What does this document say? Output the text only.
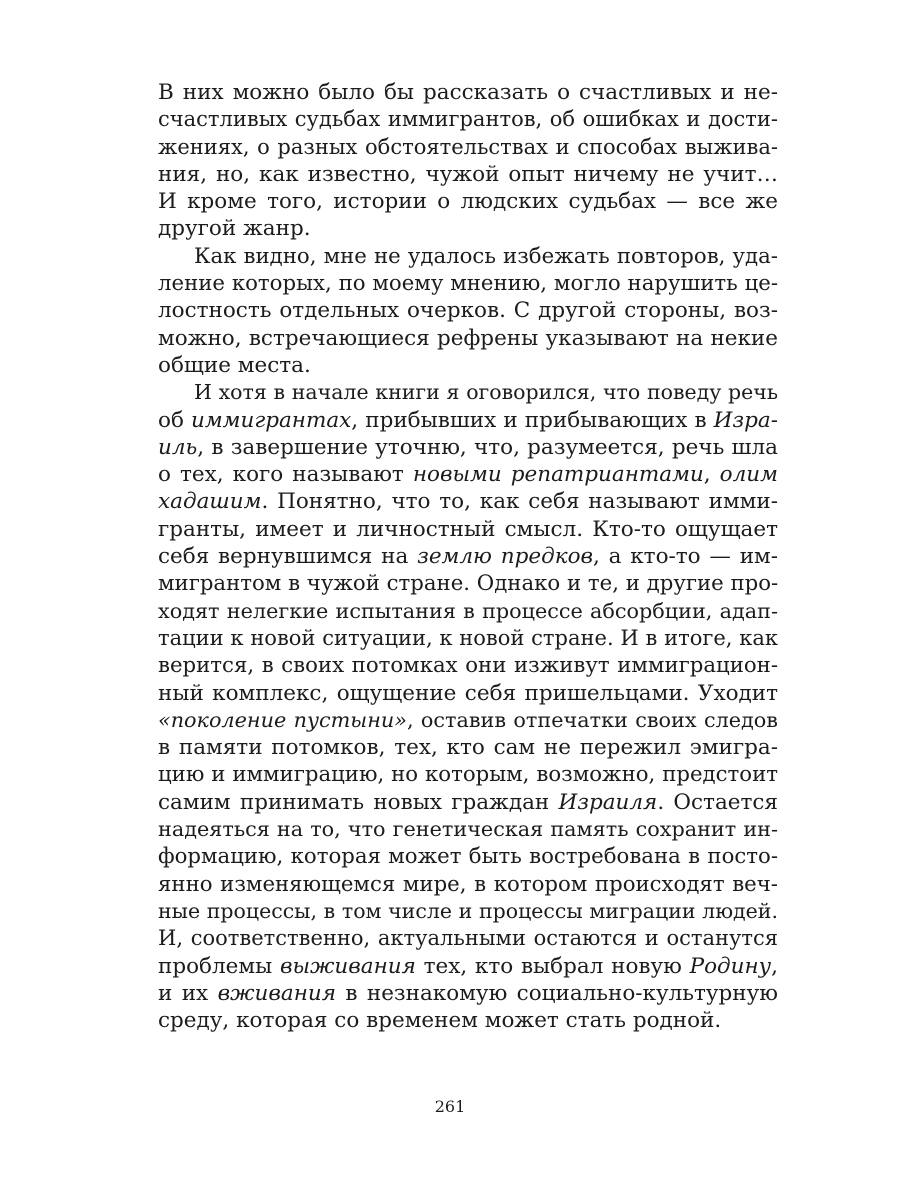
В них можно было бы рассказать о счастливых и не-
счастливых судьбах иммигрантов, об ошибках и дости-
жениях, о разных обстоятельствах и способах выжива-
ния, но, как известно, чужой опыт ничему не учит…
И кроме того, истории о людских судьбах — все же
другой жанр.
Как видно, мне не удалось избежать повторов, уда-
ление которых, по моему мнению, могло нарушить це-
лостность отдельных очерков. С другой стороны, воз-
можно, встречающиеся рефрены указывают на некие
общие места.
И хотя в начале книги я оговорился, что поведу речь
об иммигрантах, прибывших и прибывающих в Изра-
иль, в завершение уточню, что, разумеется, речь шла
о тех, кого называют новыми репатриантами, олим
хадашим. Понятно, что то, как себя называют имми-
гранты, имеет и личностный смысл. Кто-то ощущает
себя вернувшимся на землю предков, а кто-то — им-
мигрантом в чужой стране. Однако и те, и другие про-
ходят нелегкие испытания в процессе абсорбции, адап-
тации к новой ситуации, к новой стране. И в итоге, как
верится, в своих потомках они изживут иммиграцион-
ный комплекс, ощущение себя пришельцами. Уходит
«поколение пустыни», оставив отпечатки своих следов
в памяти потомков, тех, кто сам не пережил эмигра-
цию и иммиграцию, но которым, возможно, предстоит
самим принимать новых граждан Израиля. Остается
надеяться на то, что генетическая память сохранит ин-
формацию, которая может быть востребована в посто-
янно изменяющемся мире, в котором происходят веч-
ные процессы, в том числе и процессы миграции людей.
И, соответственно, актуальными остаются и останутся
проблемы выживания тех, кто выбрал новую Родину,
и их вживания в незнакомую социально-культурную
среду, которая со временем может стать родной.
261
